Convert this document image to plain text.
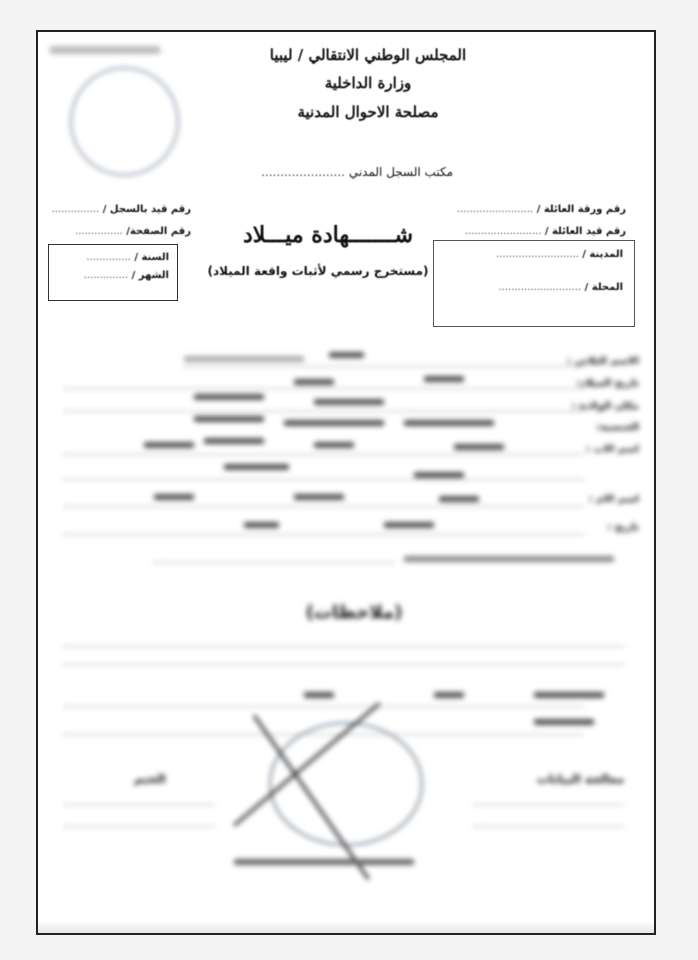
المجلس الوطني الانتقالي / ليبيا
وزارة الداخلية
مصلحة الاحوال المدنية
مكتب السجل المدني ......................
رقم ورقة العائلة / ........................
رقم قيد العائلة / ........................
المدينة / ..........................
المحلة / ..........................
رقم قيد بالسجل / ...............
رقم الصفحة/ ...............
السنة / ..............
الشهر / ..............
شـــــــهادة ميـــلاد
(مستخرج رسمي لأثبات واقعة الميلاد)
الاسم الثلاثي :
تاريخ الميلاد:
مكان الولادة :
الجنسية:
اسم الاب :
اسم الام :
تاريخ :
(ملاحظات)
معالجة البيانات
الختم
